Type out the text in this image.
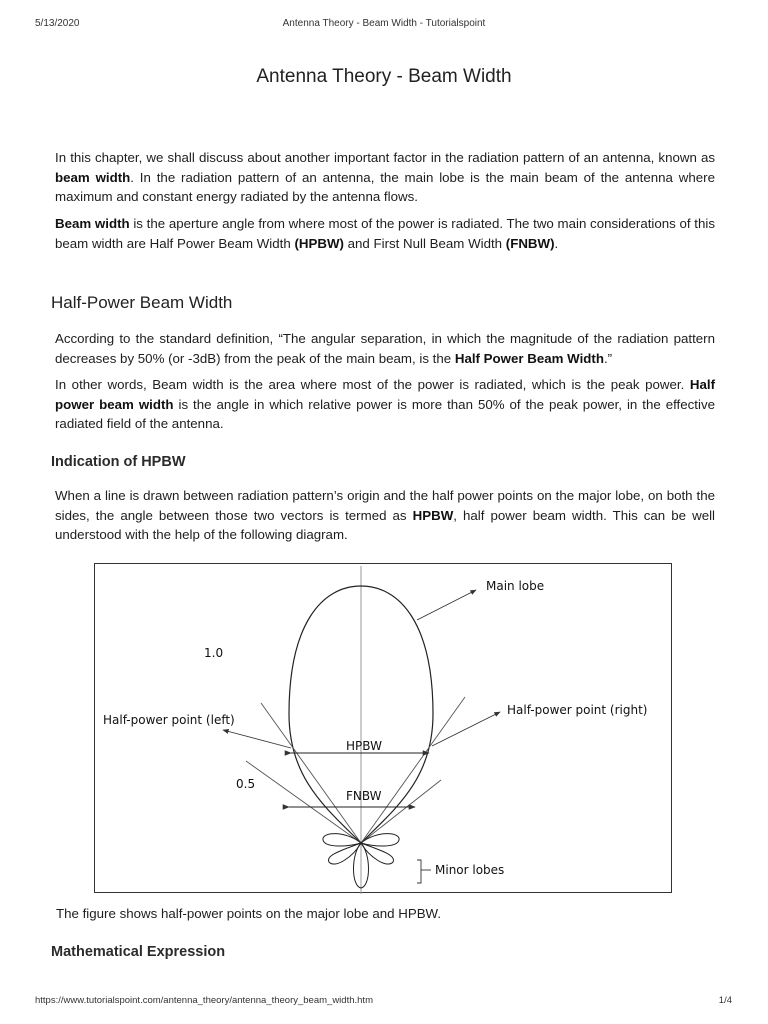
5/13/2020	Antenna Theory - Beam Width - Tutorialspoint
Antenna Theory - Beam Width

In this chapter, we shall discuss about another important factor in the radiation pattern of an antenna, known as beam width. In the radiation pattern of an antenna, the main lobe is the main beam of the antenna where maximum and constant energy radiated by the antenna flows.

Beam width is the aperture angle from where most of the power is radiated. The two main considerations of this beam width are Half Power Beam Width (HPBW) and First Null Beam Width (FNBW).

Half-Power Beam Width

According to the standard definition, “The angular separation, in which the magnitude of the radiation pattern decreases by 50% (or -3dB) from the peak of the main beam, is the Half Power Beam Width.”

In other words, Beam width is the area where most of the power is radiated, which is the peak power. Half power beam width is the angle in which relative power is more than 50% of the peak power, in the effective radiated field of the antenna.

Indication of HPBW

When a line is drawn between radiation pattern’s origin and the half power points on the major lobe, on both the sides, the angle between those two vectors is termed as HPBW, half power beam width. This can be well understood with the help of the following diagram.

Main lobe
1.0
Half-power point (left)
Half-power point (right)
HPBW
0.5
FNBW
Minor lobes

The figure shows half-power points on the major lobe and HPBW.

Mathematical Expression
https://www.tutorialspoint.com/antenna_theory/antenna_theory_beam_width.htm	1/4
